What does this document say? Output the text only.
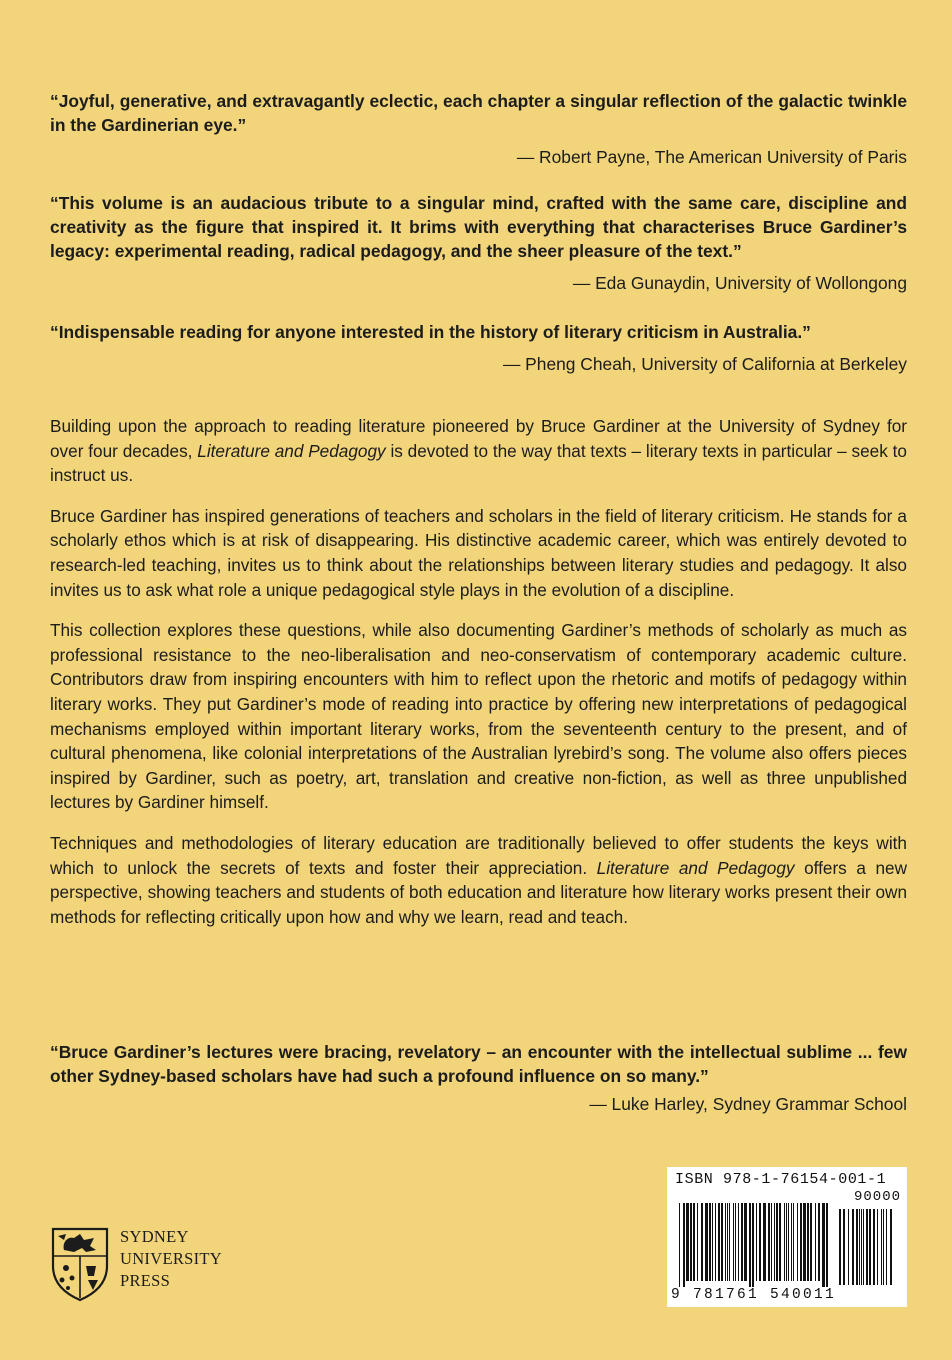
“Joyful, generative, and extravagantly eclectic, each chapter a singular reflection of the galactic twinkle in the Gardinerian eye.”

— Robert Payne, The American University of Paris

“This volume is an audacious tribute to a singular mind, crafted with the same care, discipline and creativity as the figure that inspired it. It brims with everything that characterises Bruce Gardiner’s legacy: experimental reading, radical pedagogy, and the sheer pleasure of the text.”

— Eda Gunaydin, University of Wollongong

“Indispensable reading for anyone interested in the history of literary criticism in Australia.”

— Pheng Cheah, University of California at Berkeley

Building upon the approach to reading literature pioneered by Bruce Gardiner at the University of Sydney for over four decades, Literature and Pedagogy is devoted to the way that texts – literary texts in particular – seek to instruct us.

Bruce Gardiner has inspired generations of teachers and scholars in the field of literary criticism. He stands for a scholarly ethos which is at risk of disappearing. His distinctive academic career, which was entirely devoted to research-led teaching, invites us to think about the relationships between literary studies and pedagogy. It also invites us to ask what role a unique pedagogical style plays in the evolution of a discipline.

This collection explores these questions, while also documenting Gardiner’s methods of scholarly as much as professional resistance to the neo-liberalisation and neo-conservatism of contemporary academic culture. Contributors draw from inspiring encounters with him to reflect upon the rhetoric and motifs of pedagogy within literary works. They put Gardiner’s mode of reading into practice by offering new interpretations of pedagogical mechanisms employed within important literary works, from the seventeenth century to the present, and of cultural phenomena, like colonial interpretations of the Australian lyrebird’s song. The volume also offers pieces inspired by Gardiner, such as poetry, art, translation and creative non-fiction, as well as three unpublished lectures by Gardiner himself.

Techniques and methodologies of literary education are traditionally believed to offer students the keys with which to unlock the secrets of texts and foster their appreciation. Literature and Pedagogy offers a new perspective, showing teachers and students of both education and literature how literary works present their own methods for reflecting critically upon how and why we learn, read and teach.

“Bruce Gardiner’s lectures were bracing, revelatory – an encounter with the intellectual sublime ... few other Sydney-based scholars have had such a profound influence on so many.”

— Luke Harley, Sydney Grammar School

SYDNEY
UNIVERSITY
PRESS
ISBN 978-1-76154-001-1
90000
9 781761 540011
